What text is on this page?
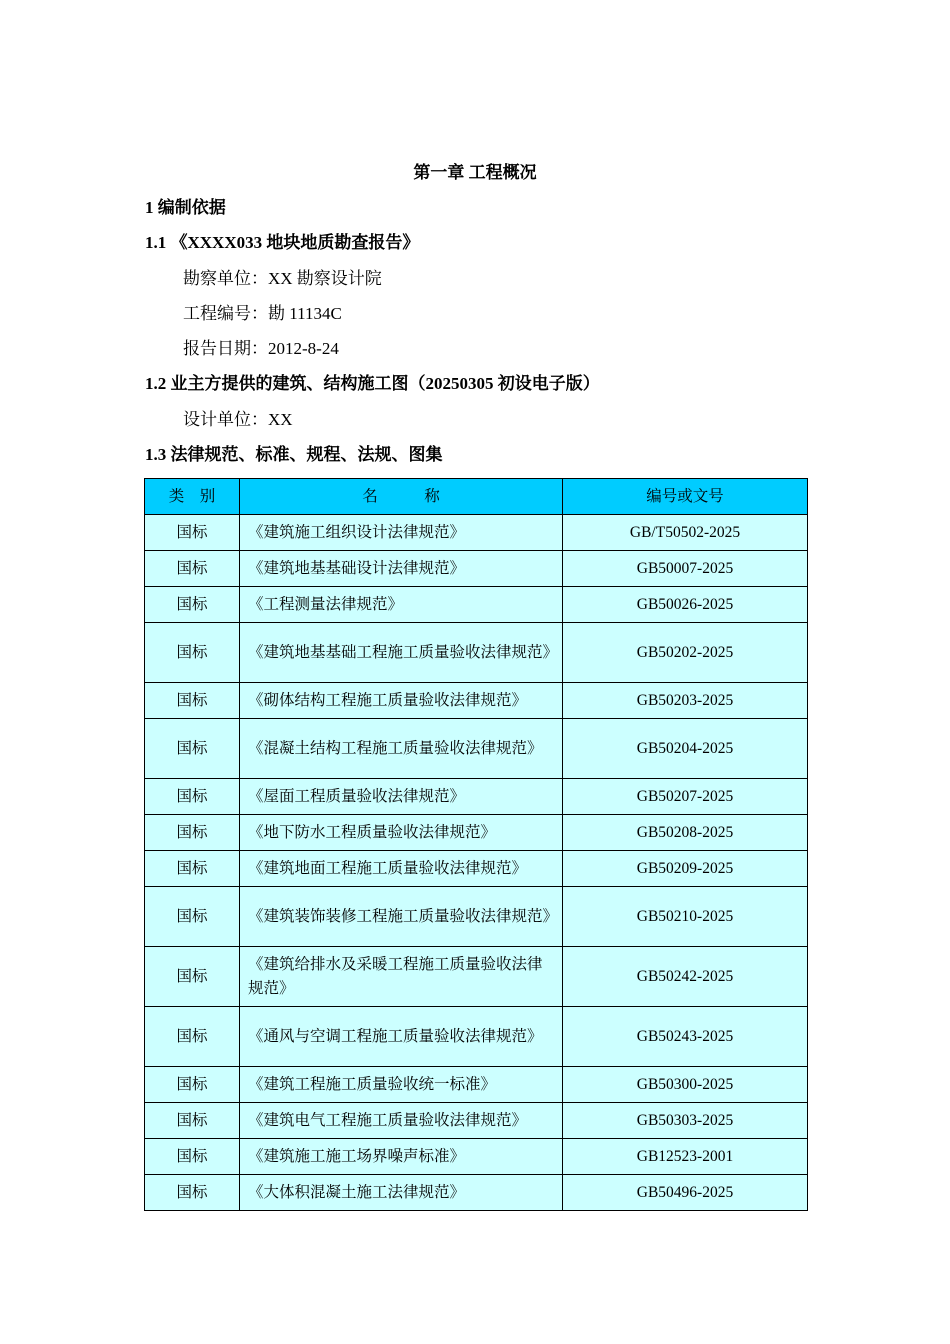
第一章 工程概况
1 编制依据
1.1 《XXXX033 地块地质勘查报告》
勘察单位：XX 勘察设计院
工程编号：勘 11134C
报告日期：2012-8-24
1.2 业主方提供的建筑、结构施工图（20250305 初设电子版）
设计单位：XX
1.3 法律规范、标准、规程、法规、图集
类　别	名　　　称	编号或文号
国标	《建筑施工组织设计法律规范》	GB/T50502-2025
国标	《建筑地基基础设计法律规范》	GB50007-2025
国标	《工程测量法律规范》	GB50026-2025
国标	《建筑地基基础工程施工质量验收法律规范》	GB50202-2025
国标	《砌体结构工程施工质量验收法律规范》	GB50203-2025
国标	《混凝土结构工程施工质量验收法律规范》	GB50204-2025
国标	《屋面工程质量验收法律规范》	GB50207-2025
国标	《地下防水工程质量验收法律规范》	GB50208-2025
国标	《建筑地面工程施工质量验收法律规范》	GB50209-2025
国标	《建筑装饰装修工程施工质量验收法律规范》	GB50210-2025
国标	《建筑给排水及采暖工程施工质量验收法律规范》	GB50242-2025
国标	《通风与空调工程施工质量验收法律规范》	GB50243-2025
国标	《建筑工程施工质量验收统一标准》	GB50300-2025
国标	《建筑电气工程施工质量验收法律规范》	GB50303-2025
国标	《建筑施工施工场界噪声标准》	GB12523-2001
国标	《大体积混凝土施工法律规范》	GB50496-2025
